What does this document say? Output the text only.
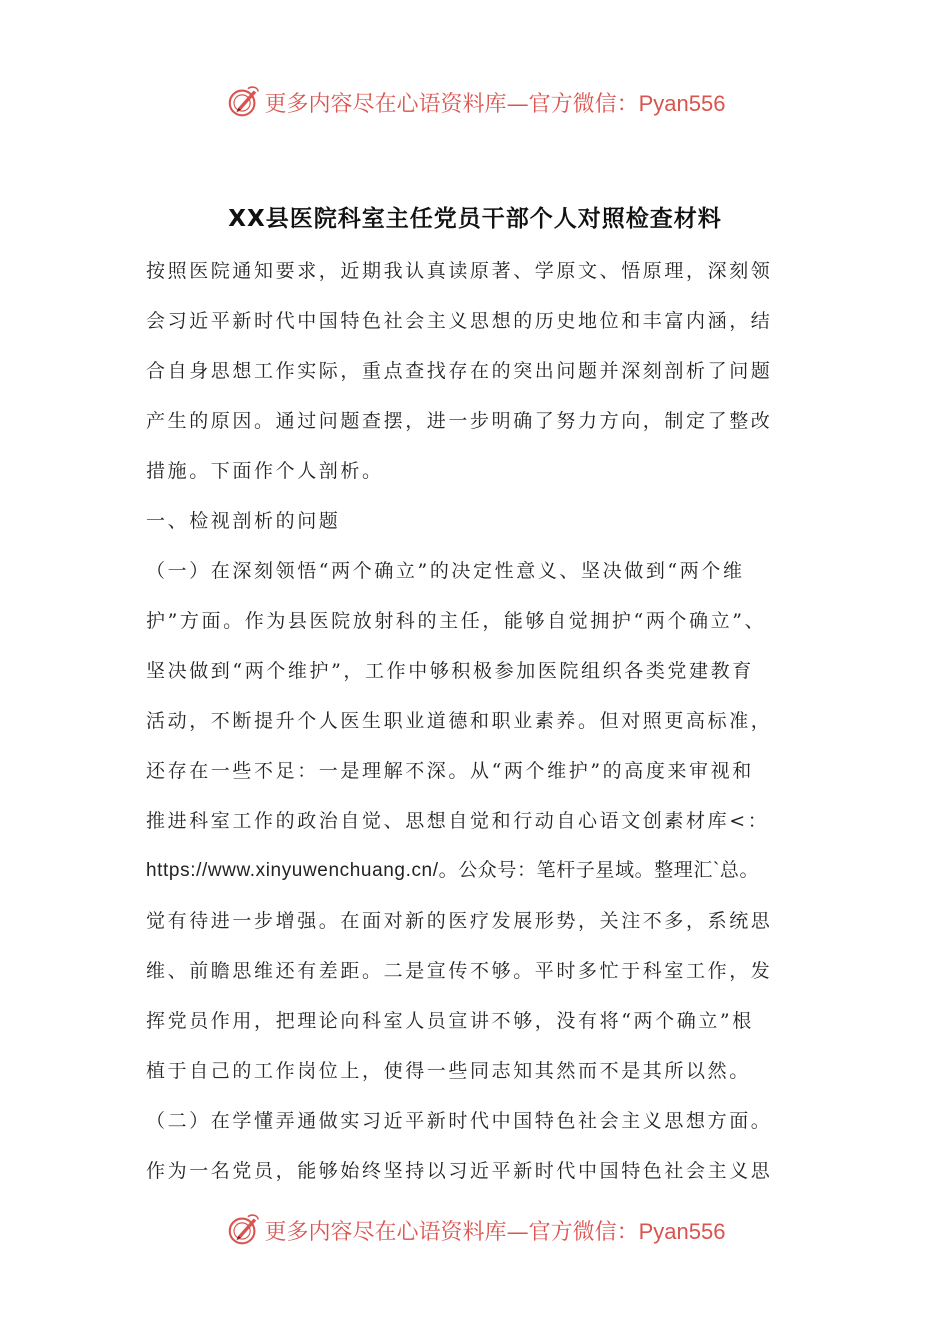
更多内容尽在心语资料库—官方微信：Pyan556
XX县医院科室主任党员干部个人对照检查材料
按照医院通知要求，近期我认真读原著、学原文、悟原理，深刻领
会习近平新时代中国特色社会主义思想的历史地位和丰富内涵，结
合自身思想工作实际，重点查找存在的突出问题并深刻剖析了问题
产生的原因。通过问题查摆，进一步明确了努力方向，制定了整改
措施。下面作个人剖析。
一、检视剖析的问题
（一）在深刻领悟“两个确立”的决定性意义、坚决做到“两个维
护”方面。作为县医院放射科的主任，能够自觉拥护“两个确立”、
坚决做到“两个维护”，工作中够积极参加医院组织各类党建教育
活动，不断提升个人医生职业道德和职业素养。但对照更高标准，
还存在一些不足：一是理解不深。从“两个维护”的高度来审视和
推进科室工作的政治自觉、思想自觉和行动自心语文创素材库<：
https://www.xinyuwenchuang.cn/。公众号：笔杆子星域。整理汇`总。
觉有待进一步增强。在面对新的医疗发展形势，关注不多，系统思
维、前瞻思维还有差距。二是宣传不够。平时多忙于科室工作，发
挥党员作用，把理论向科室人员宣讲不够，没有将“两个确立”根
植于自己的工作岗位上，使得一些同志知其然而不是其所以然。
（二）在学懂弄通做实习近平新时代中国特色社会主义思想方面。
作为一名党员，能够始终坚持以习近平新时代中国特色社会主义思
更多内容尽在心语资料库—官方微信：Pyan556
